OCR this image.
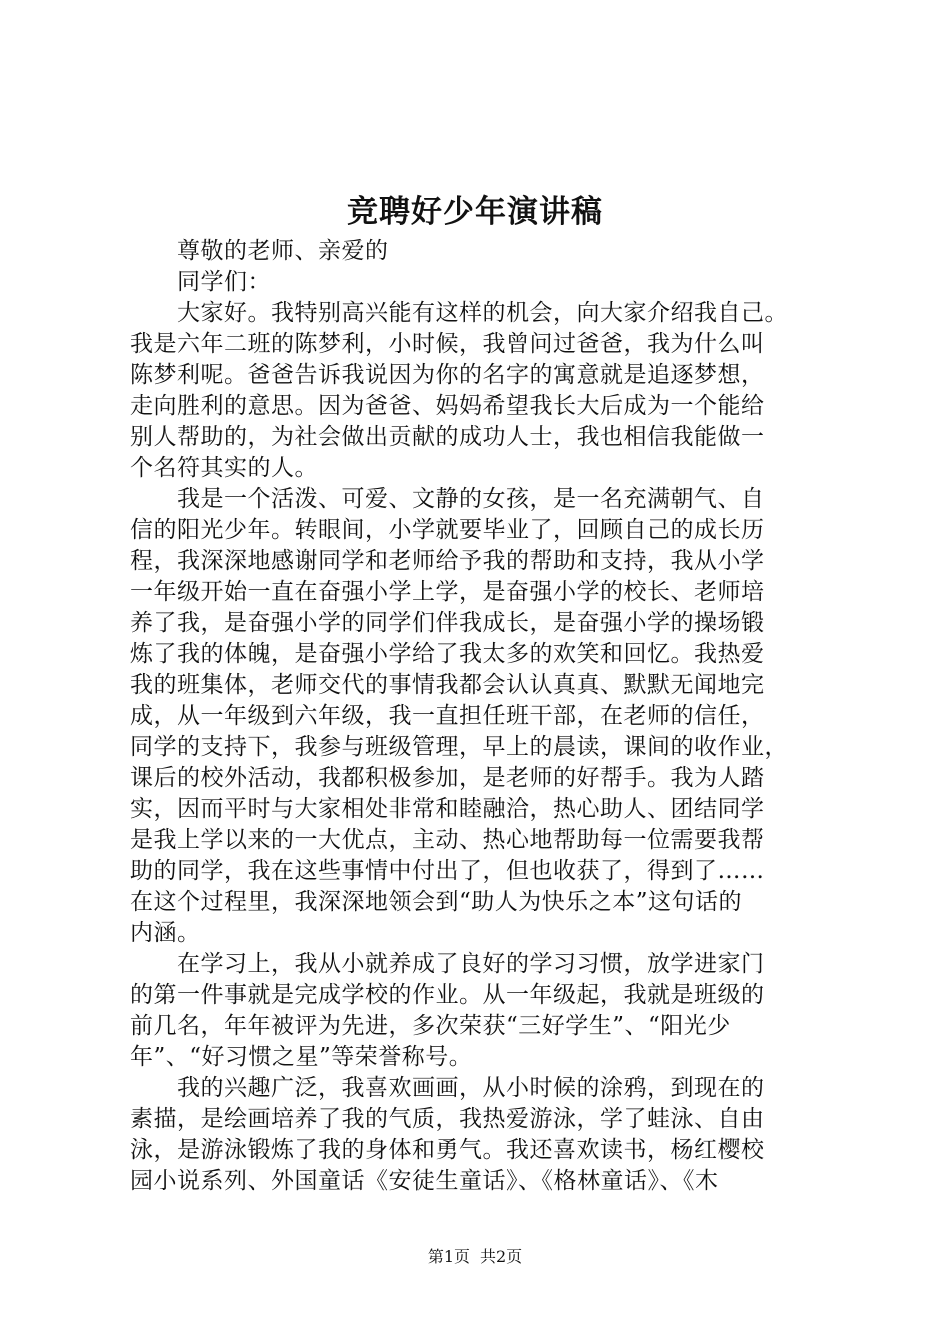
竞聘好少年演讲稿
尊敬的老师、亲爱的
同学们：
大家好。我特别高兴能有这样的机会，向大家介绍我自己。
我是六年二班的陈梦利，小时候，我曾问过爸爸，我为什么叫
陈梦利呢。爸爸告诉我说因为你的名字的寓意就是追逐梦想，
走向胜利的意思。因为爸爸、妈妈希望我长大后成为一个能给
别人帮助的，为社会做出贡献的成功人士，我也相信我能做一
个名符其实的人。
我是一个活泼、可爱、文静的女孩，是一名充满朝气、自
信的阳光少年。转眼间，小学就要毕业了，回顾自己的成长历
程，我深深地感谢同学和老师给予我的帮助和支持，我从小学
一年级开始一直在奋强小学上学，是奋强小学的校长、老师培
养了我，是奋强小学的同学们伴我成长，是奋强小学的操场锻
炼了我的体魄，是奋强小学给了我太多的欢笑和回忆。我热爱
我的班集体，老师交代的事情我都会认认真真、默默无闻地完
成，从一年级到六年级，我一直担任班干部，在老师的信任，
同学的支持下，我参与班级管理，早上的晨读，课间的收作业，
课后的校外活动，我都积极参加，是老师的好帮手。我为人踏
实，因而平时与大家相处非常和睦融洽，热心助人、团结同学
是我上学以来的一大优点，主动、热心地帮助每一位需要我帮
助的同学，我在这些事情中付出了，但也收获了，得到了……
在这个过程里，我深深地领会到“助人为快乐之本”这句话的
内涵。
在学习上，我从小就养成了良好的学习习惯，放学进家门
的第一件事就是完成学校的作业。从一年级起，我就是班级的
前几名，年年被评为先进，多次荣获“三好学生”、“阳光少
年”、“好习惯之星”等荣誉称号。
我的兴趣广泛，我喜欢画画，从小时候的涂鸦，到现在的
素描，是绘画培养了我的气质，我热爱游泳，学了蛙泳、自由
泳，是游泳锻炼了我的身体和勇气。我还喜欢读书，杨红樱校
园小说系列、外国童话《安徒生童话》、《格林童话》、《木
第1页 共2页
